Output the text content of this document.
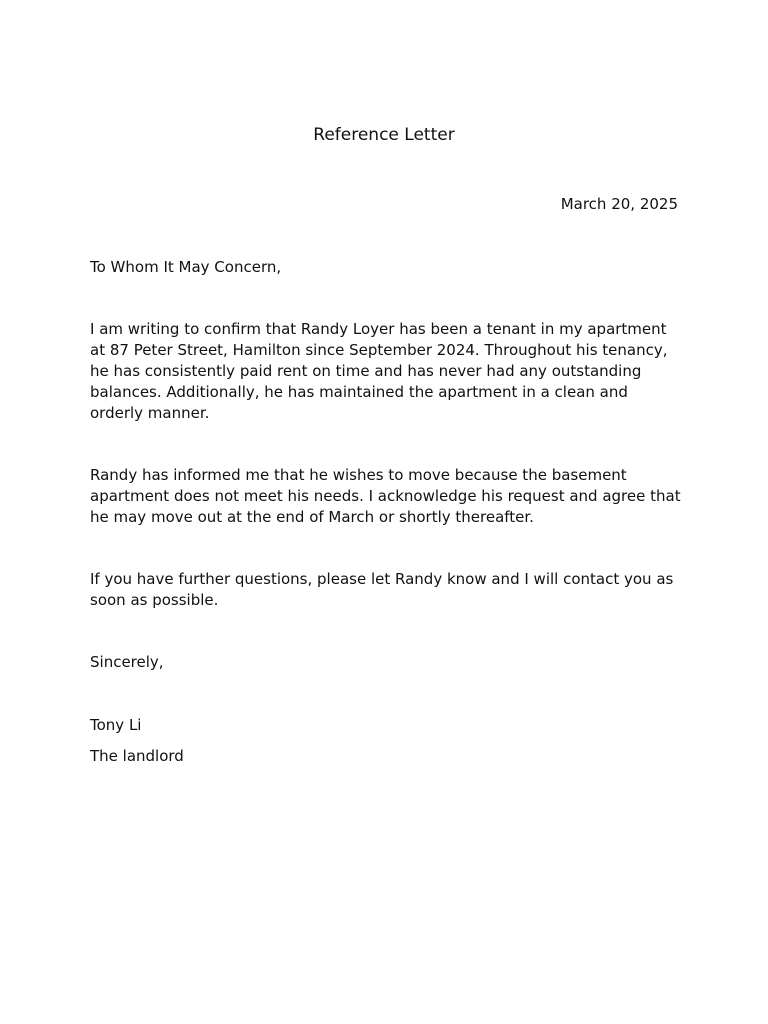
Reference Letter

March 20, 2025

To Whom It May Concern,

I am writing to confirm that Randy Loyer has been a tenant in my apartment at 87 Peter Street, Hamilton since September 2024. Throughout his tenancy, he has consistently paid rent on time and has never had any outstanding balances. Additionally, he has maintained the apartment in a clean and orderly manner.

Randy has informed me that he wishes to move because the basement apartment does not meet his needs. I acknowledge his request and agree that he may move out at the end of March or shortly thereafter.

If you have further questions, please let Randy know and I will contact you as soon as possible.

Sincerely,

Tony Li

The landlord
